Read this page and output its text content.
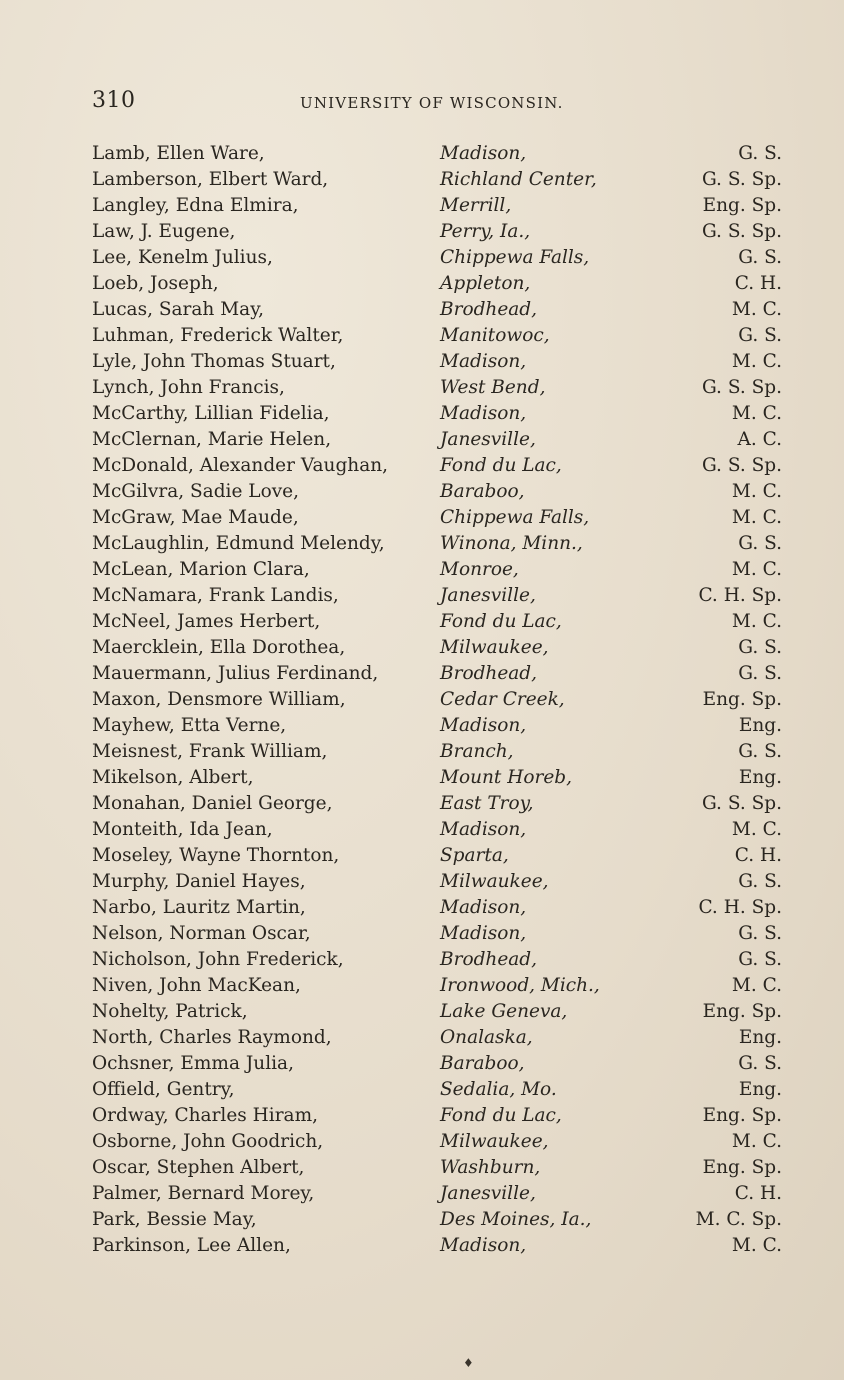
310	UNIVERSITY OF WISCONSIN.
Lamb, Ellen Ware,	Madison,	G. S.
Lamberson, Elbert Ward,	Richland Center,	G. S. Sp.
Langley, Edna Elmira,	Merrill,	Eng. Sp.
Law, J. Eugene,	Perry, Ia.,	G. S. Sp.
Lee, Kenelm Julius,	Chippewa Falls,	G. S.
Loeb, Joseph,	Appleton,	C. H.
Lucas, Sarah May,	Brodhead,	M. C.
Luhman, Frederick Walter,	Manitowoc,	G. S.
Lyle, John Thomas Stuart,	Madison,	M. C.
Lynch, John Francis,	West Bend,	G. S. Sp.
McCarthy, Lillian Fidelia,	Madison,	M. C.
McClernan, Marie Helen,	Janesville,	A. C.
McDonald, Alexander Vaughan,	Fond du Lac,	G. S. Sp.
McGilvra, Sadie Love,	Baraboo,	M. C.
McGraw, Mae Maude,	Chippewa Falls,	M. C.
McLaughlin, Edmund Melendy,	Winona, Minn.,	G. S.
McLean, Marion Clara,	Monroe,	M. C.
McNamara, Frank Landis,	Janesville,	C. H. Sp.
McNeel, James Herbert,	Fond du Lac,	M. C.
Maercklein, Ella Dorothea,	Milwaukee,	G. S.
Mauermann, Julius Ferdinand,	Brodhead,	G. S.
Maxon, Densmore William,	Cedar Creek,	Eng. Sp.
Mayhew, Etta Verne,	Madison,	Eng.
Meisnest, Frank William,	Branch,	G. S.
Mikelson, Albert,	Mount Horeb,	Eng.
Monahan, Daniel George,	East Troy,	G. S. Sp.
Monteith, Ida Jean,	Madison,	M. C.
Moseley, Wayne Thornton,	Sparta,	C. H.
Murphy, Daniel Hayes,	Milwaukee,	G. S.
Narbo, Lauritz Martin,	Madison,	C. H. Sp.
Nelson, Norman Oscar,	Madison,	G. S.
Nicholson, John Frederick,	Brodhead,	G. S.
Niven, John MacKean,	Ironwood, Mich.,	M. C.
Nohelty, Patrick,	Lake Geneva,	Eng. Sp.
North, Charles Raymond,	Onalaska,	Eng.
Ochsner, Emma Julia,	Baraboo,	G. S.
Offield, Gentry,	Sedalia, Mo.	Eng.
Ordway, Charles Hiram,	Fond du Lac,	Eng. Sp.
Osborne, John Goodrich,	Milwaukee,	M. C.
Oscar, Stephen Albert,	Washburn,	Eng. Sp.
Palmer, Bernard Morey,	Janesville,	C. H.
Park, Bessie May,	Des Moines, Ia.,	M. C. Sp.
Parkinson, Lee Allen,	Madison,	M. C.
♦
